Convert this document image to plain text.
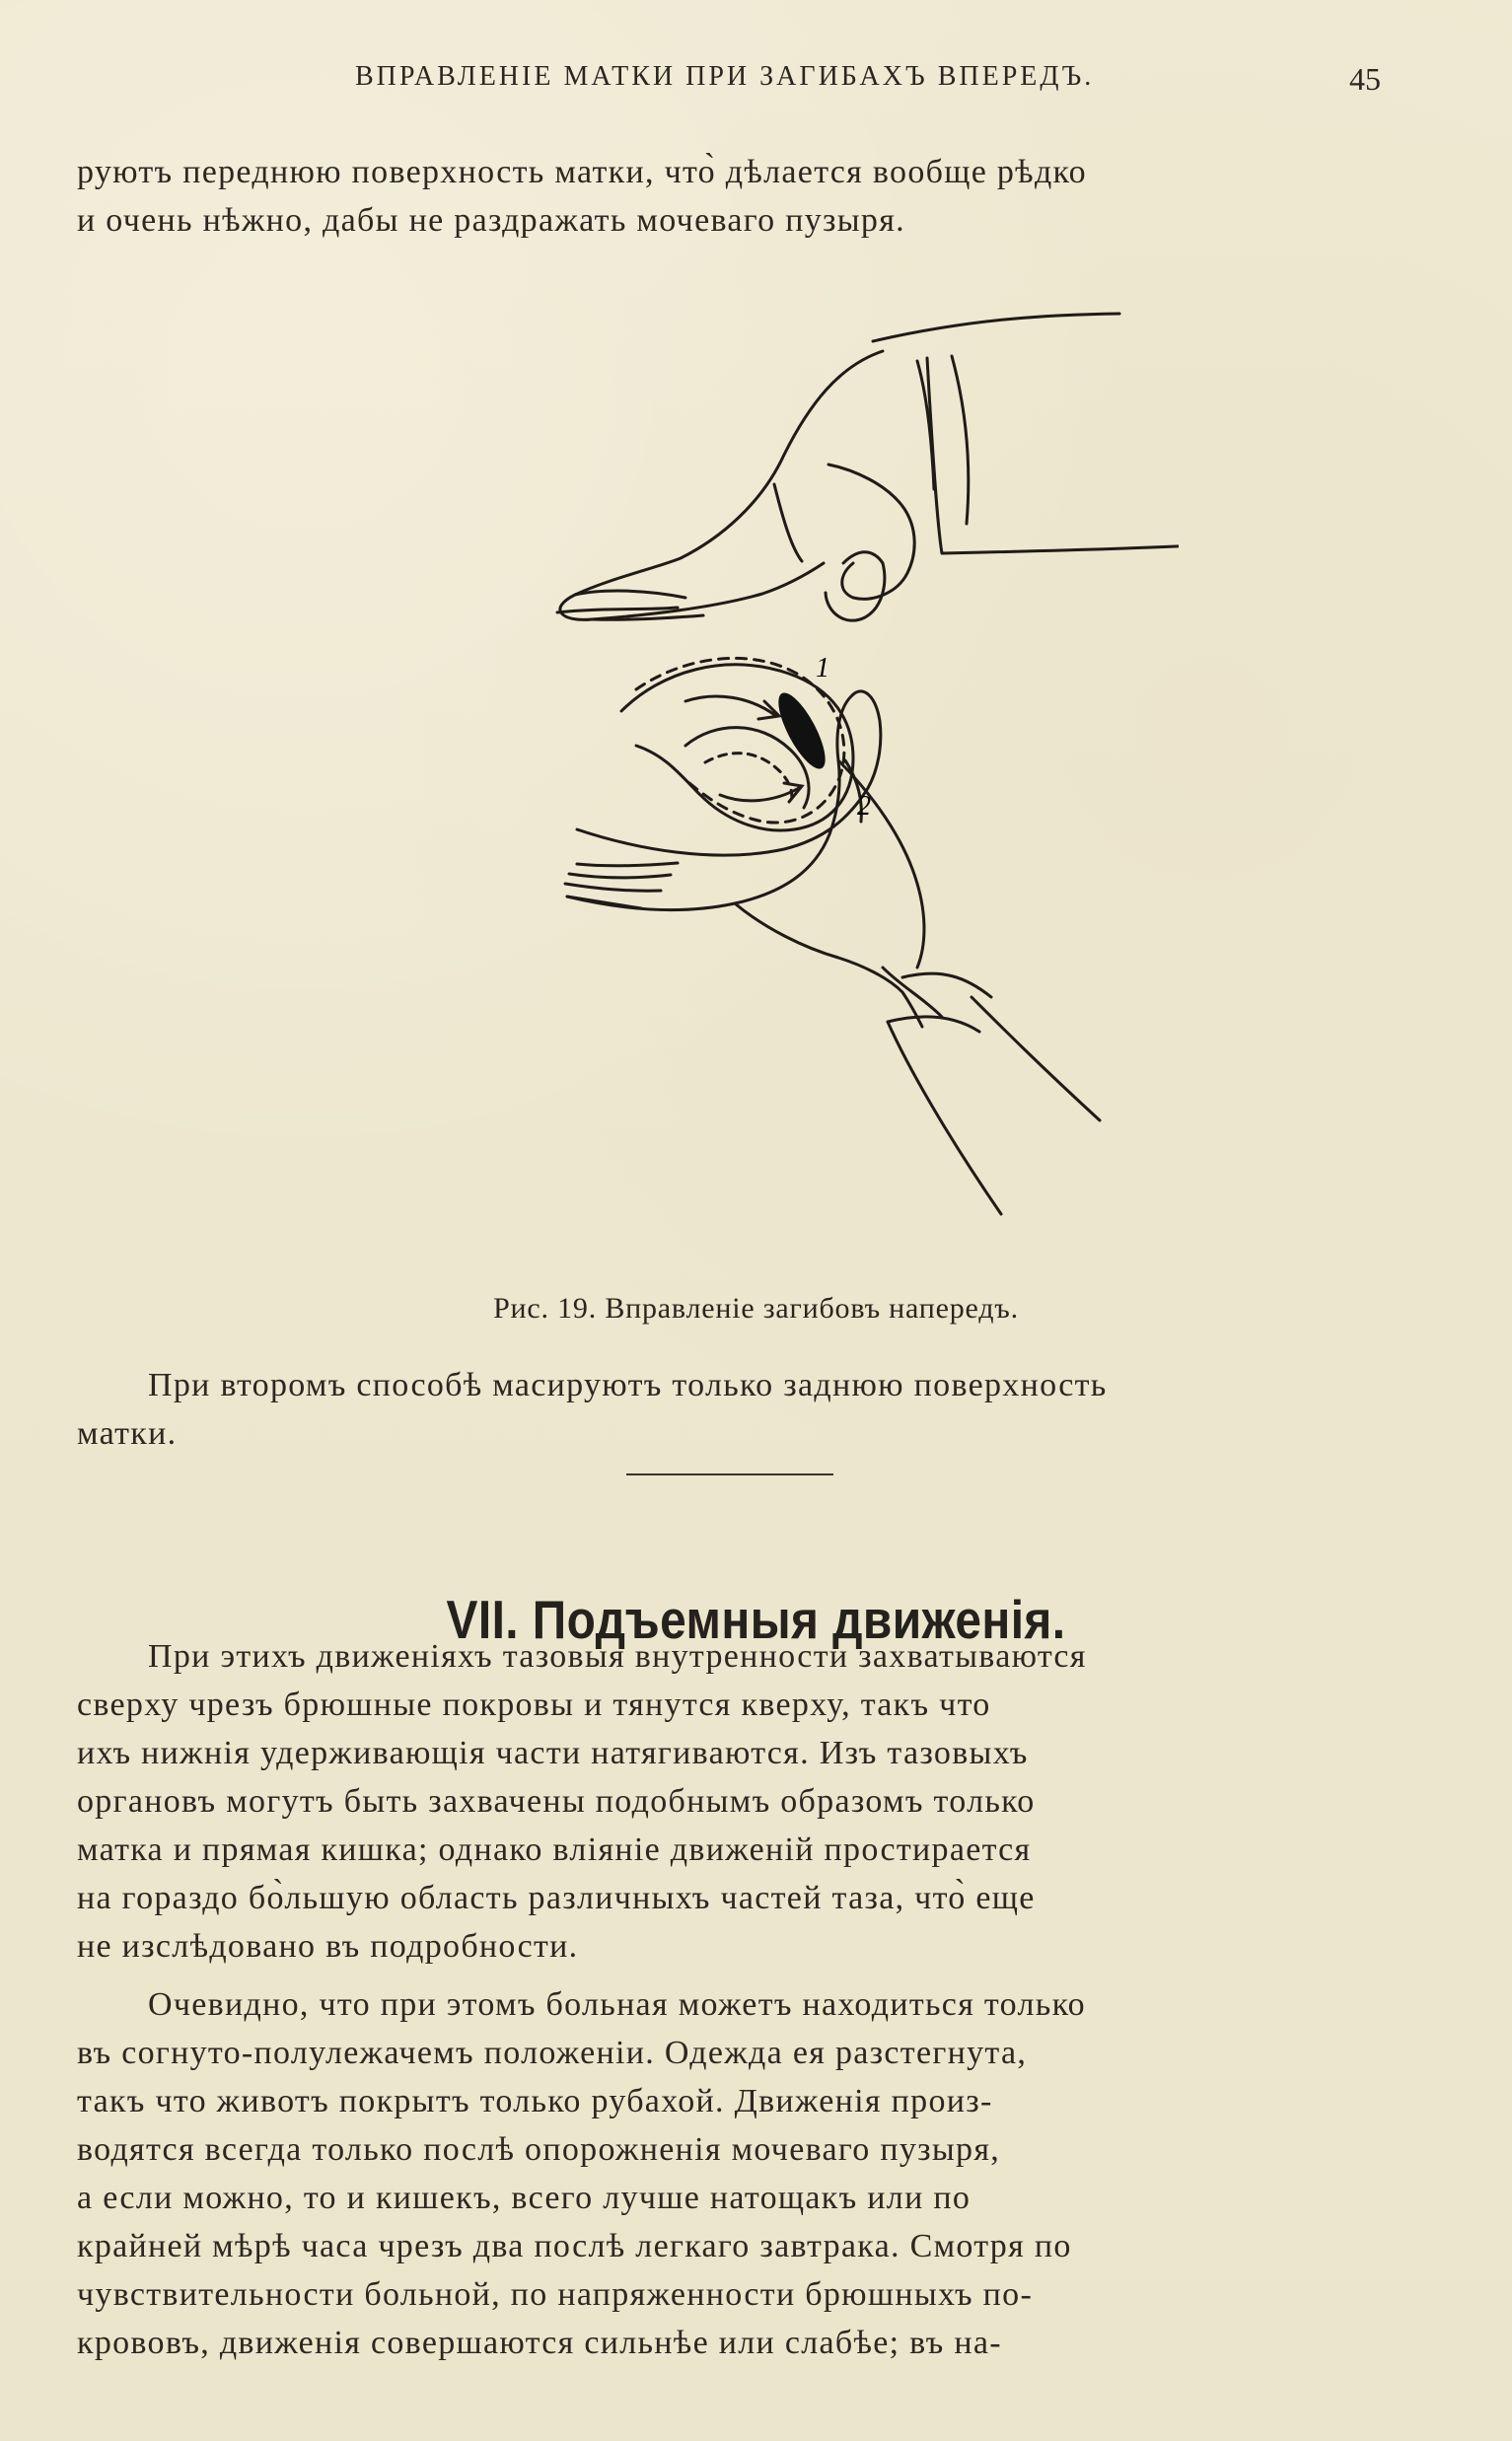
ВПРАВЛЕНІЕ МАТКИ ПРИ ЗАГИБАХЪ ВПЕРЕДЪ.	45

руютъ переднюю поверхность матки, что̀ дѣлается вообще рѣдко

и очень нѣжно, дабы не раздражать мочеваго пузыря.

1
2
Рис. 19. Вправленіе загибовъ напередъ.

При второмъ способѣ масируютъ только заднюю поверхность

матки.

VII. Подъемныя движенія.

При этихъ движеніяхъ тазовыя внутренности захватываются

сверху чрезъ брюшные покровы и тянутся кверху, такъ что

ихъ нижнія удерживающія части натягиваются. Изъ тазовыхъ

органовъ могутъ быть захвачены подобнымъ образомъ только

матка и прямая кишка; однако вліяніе движеній простирается

на гораздо бо̀льшую область различныхъ частей таза, что̀ еще

не изслѣдовано въ подробности.

Очевидно, что при этомъ больная можетъ находиться только

въ согнуто-полулежачемъ положеніи. Одежда ея разстегнута,

такъ что животъ покрытъ только рубахой. Движенія произ-

водятся всегда только послѣ опорожненія мочеваго пузыря,

а если можно, то и кишекъ, всего лучше натощакъ или по

крайней мѣрѣ часа чрезъ два послѣ легкаго завтрака. Смотря по

чувствительности больной, по напряженности брюшныхъ по-

крововъ, движенія совершаются сильнѣе или слабѣе; въ на-
